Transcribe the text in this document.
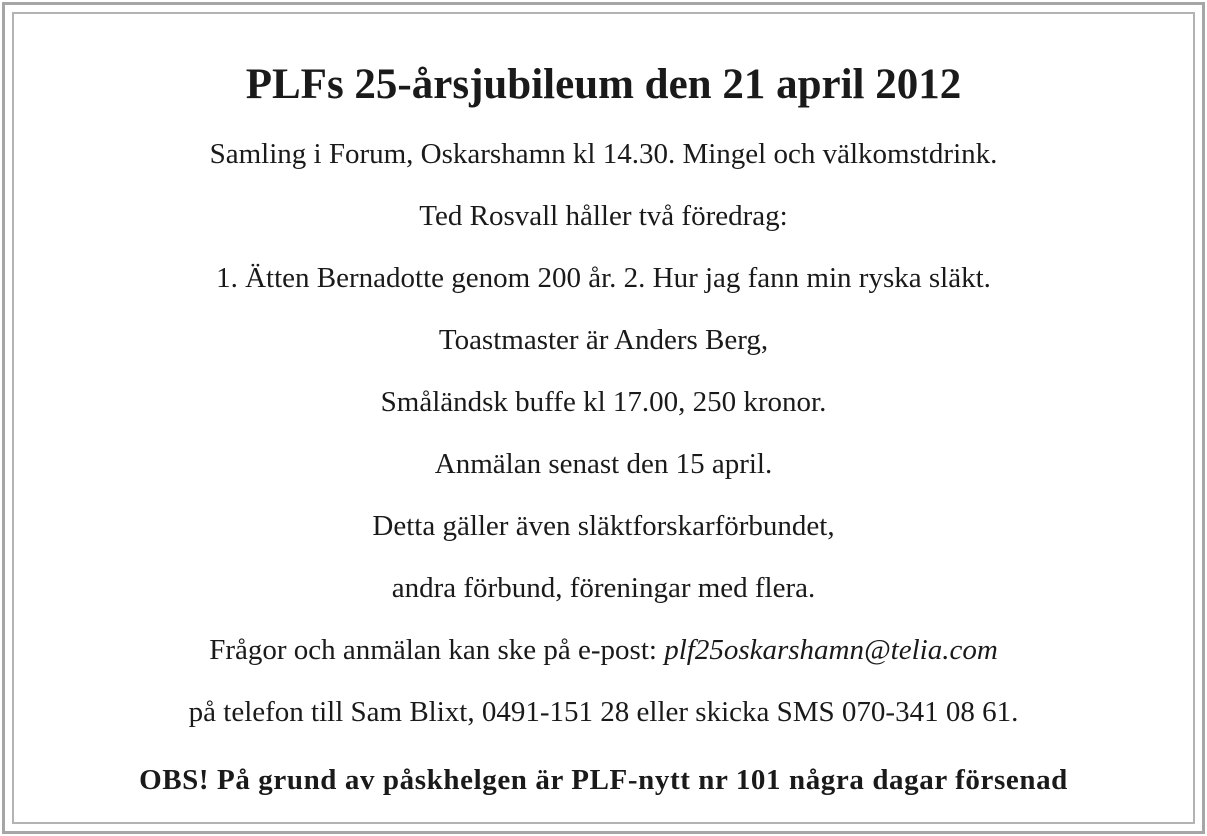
PLFs 25-årsjubileum den 21 april 2012
Samling i Forum, Oskarshamn kl 14.30. Mingel och välkomstdrink.
Ted Rosvall håller två föredrag:
1. Ätten Bernadotte genom 200 år. 2. Hur jag fann min ryska släkt.
Toastmaster är Anders Berg,
Småländsk buffe kl 17.00, 250 kronor.
Anmälan senast den 15 april.
Detta gäller även släktforskarförbundet,
andra förbund, föreningar med flera.
Frågor och anmälan kan ske på e-post: plf25oskarshamn@telia.com
på telefon till Sam Blixt, 0491-151 28 eller skicka SMS 070-341 08 61.
OBS! På grund av påskhelgen är PLF-nytt nr 101 några dagar försenad
